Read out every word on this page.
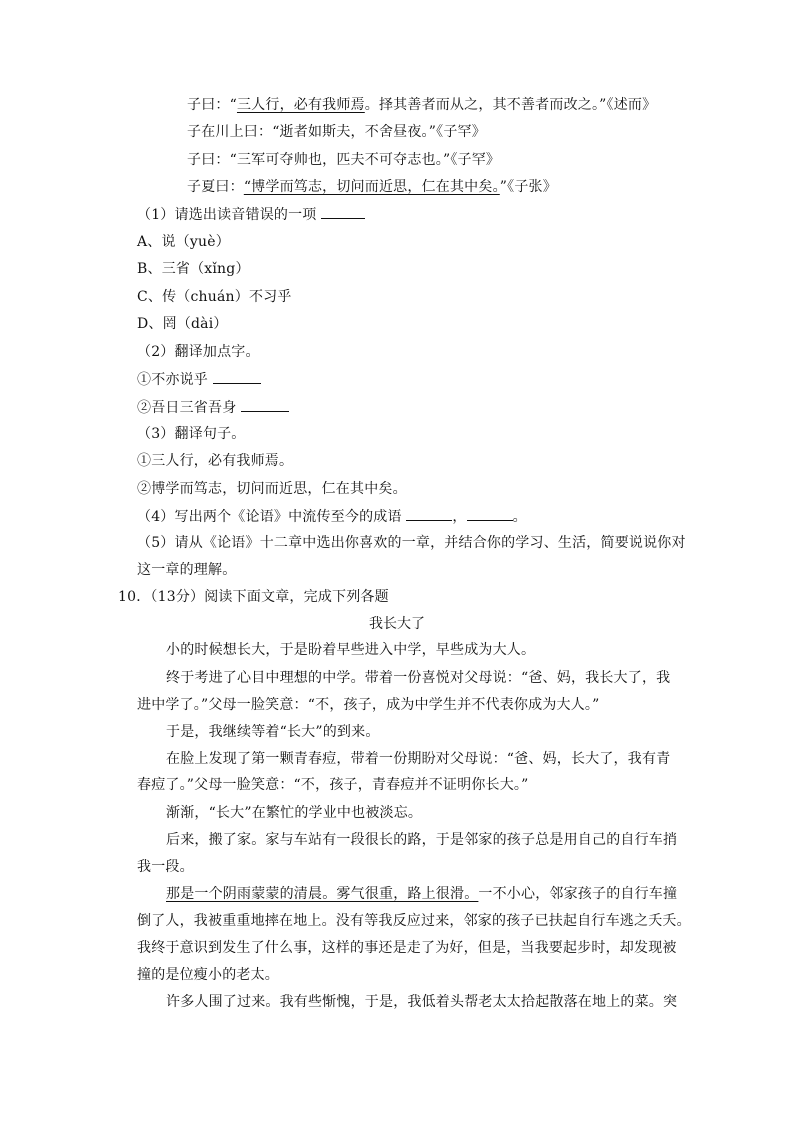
子曰：“三人行，必有我师焉。择其善者而从之，其不善者而改之。”《述而》
子在川上曰：“逝者如斯夫，不舍昼夜。”《子罕》
子曰：“三军可夺帅也，匹夫不可夺志也。”《子罕》
子夏曰：“博学而笃志，切问而近思，仁在其中矣。”《子张》
（1）请选出读音错误的一项
A、说（yuè）
B、三省（xǐng）
C、传（chuán）不习乎
D、罔（dài）
（2）翻译加点字。
①不亦说乎
②吾日三省吾身
（3）翻译句子。
①三人行，必有我师焉。
②博学而笃志，切问而近思，仁在其中矣。
（4）写出两个《论语》中流传至今的成语	，	。
（5）请从《论语》十二章中选出你喜欢的一章，并结合你的学习、生活，简要说说你对
这一章的理解。
10．（13分）阅读下面文章，完成下列各题
我长大了
小的时候想长大，于是盼着早些进入中学，早些成为大人。
终于考进了心目中理想的中学。带着一份喜悦对父母说：“爸、妈，我长大了，我
进中学了。”父母一脸笑意：“不，孩子，成为中学生并不代表你成为大人。”
于是，我继续等着“长大”的到来。
在脸上发现了第一颗青春痘，带着一份期盼对父母说：“爸、妈，长大了，我有青
春痘了。”父母一脸笑意：“不，孩子，青春痘并不证明你长大。”
渐渐，“长大”在繁忙的学业中也被淡忘。
后来，搬了家。家与车站有一段很长的路，于是邻家的孩子总是用自己的自行车捎
我一段。
那是一个阴雨蒙蒙的清晨。雾气很重，路上很滑。一不小心，邻家孩子的自行车撞
倒了人，我被重重地摔在地上。没有等我反应过来，邻家的孩子已扶起自行车逃之夭夭。
我终于意识到发生了什么事，这样的事还是走了为好，但是，当我要起步时，却发现被
撞的是位瘦小的老太。
许多人围了过来。我有些惭愧，于是，我低着头帮老太太拾起散落在地上的菜。突
